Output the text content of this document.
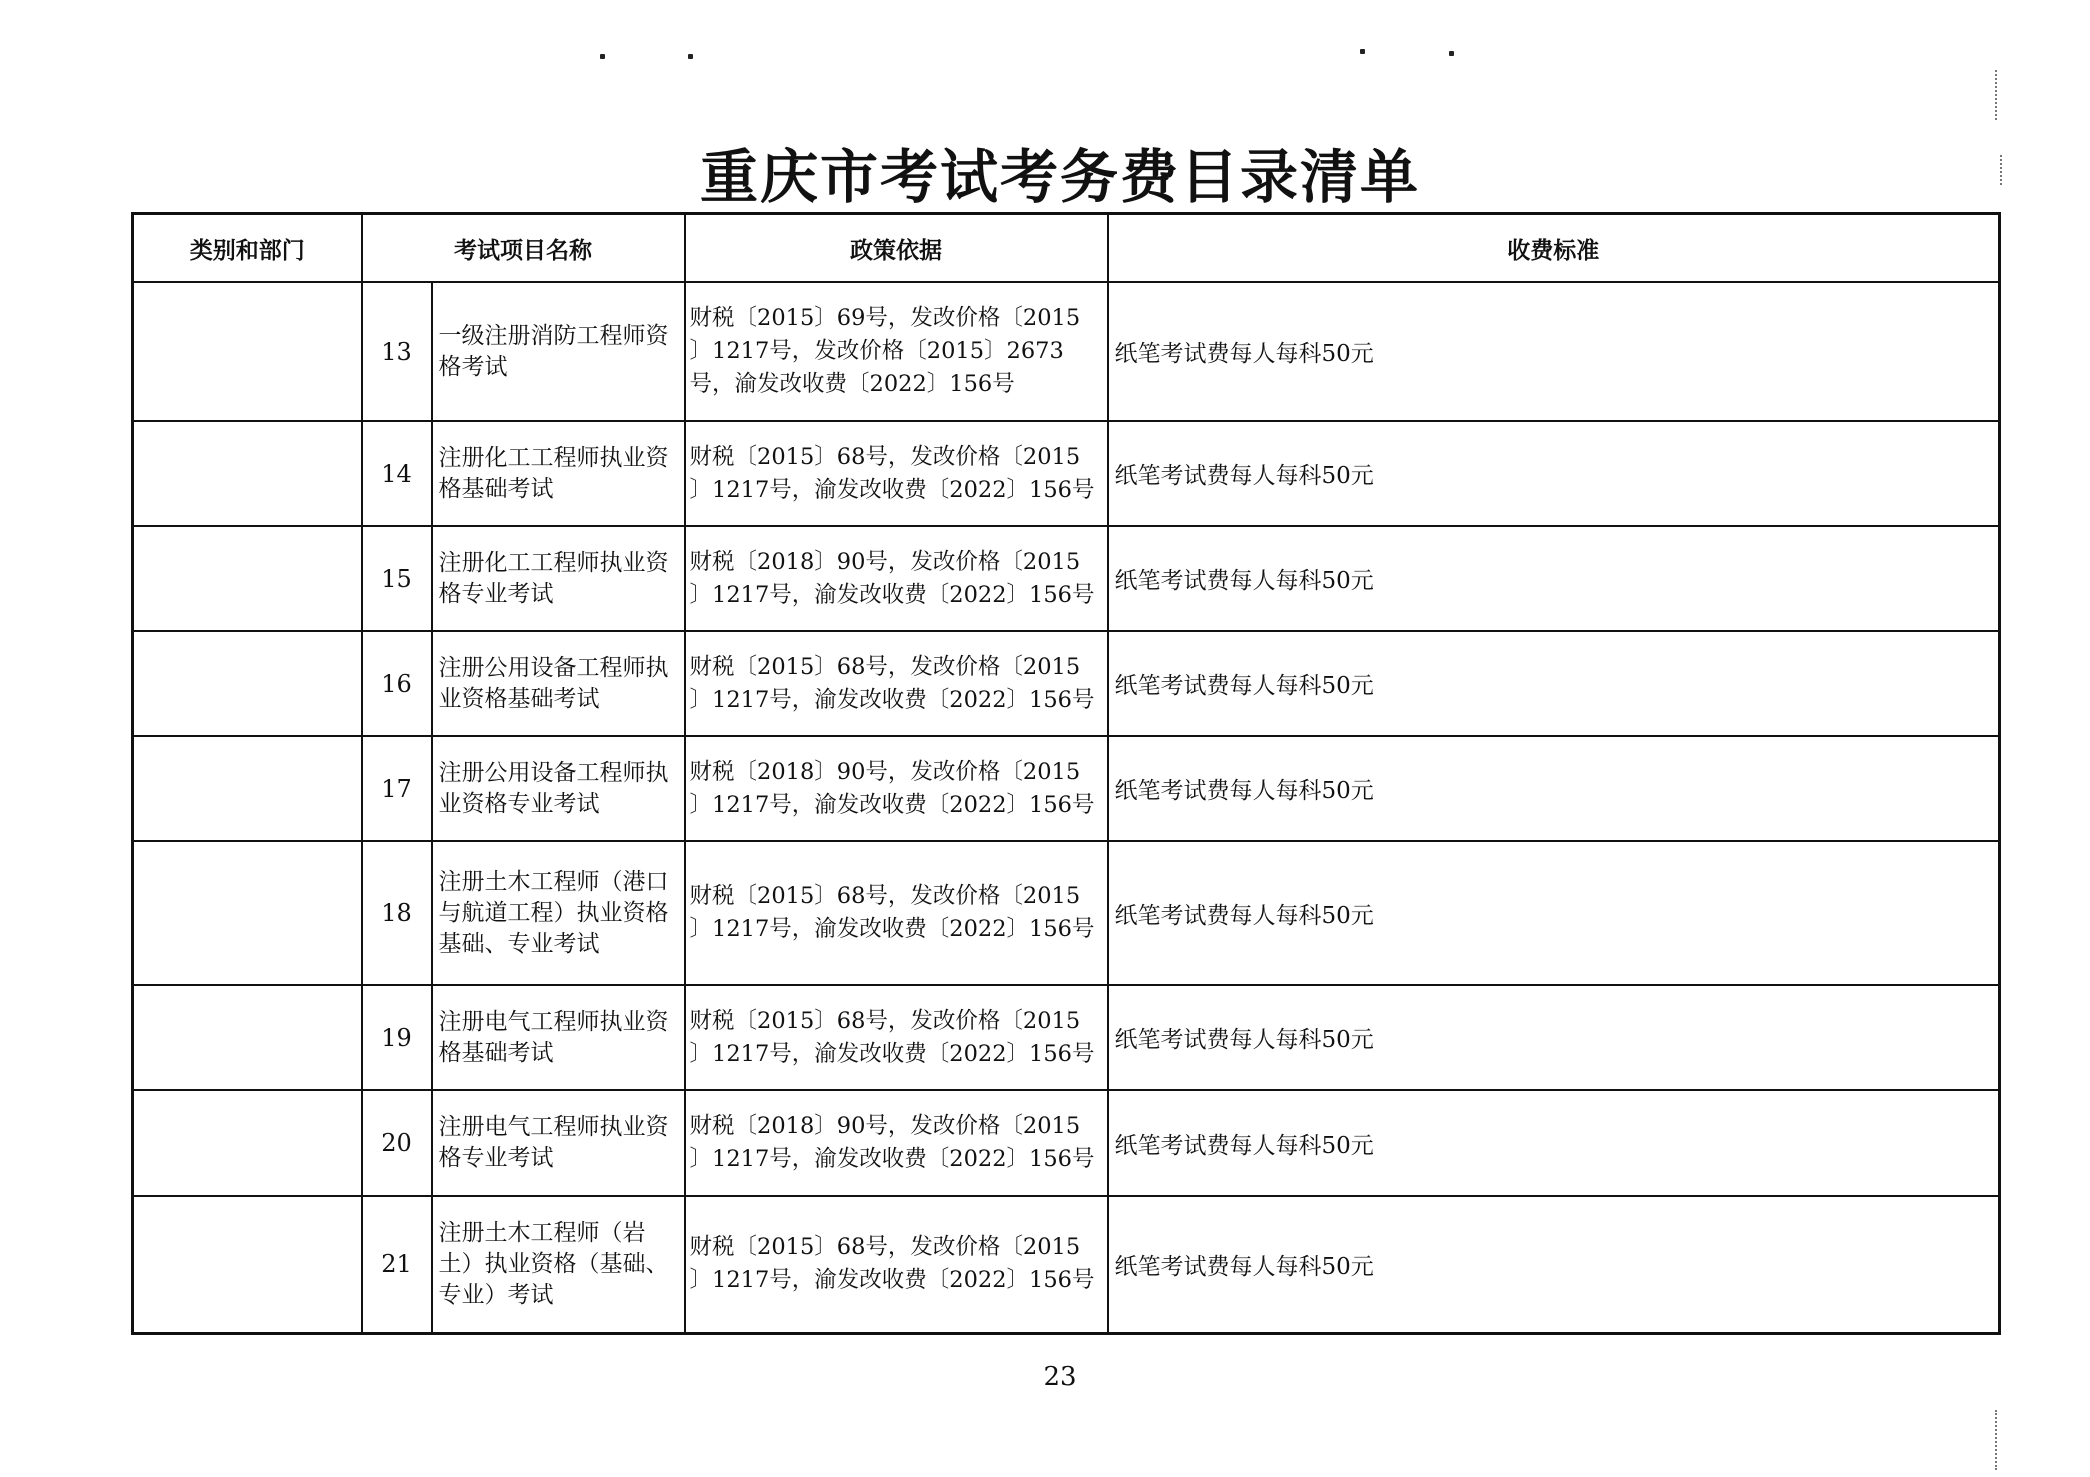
重庆市考试考务费目录清单
类别和部门	考试项目名称		政策依据	收费标准
	13	一级注册消防工程师资格考试	财税〔2015〕69号，发改价格〔2015
〕1217号，发改价格〔2015〕2673
号，渝发改收费〔2022〕156号	纸笔考试费每人每科50元
	14	注册化工工程师执业资格基础考试	财税〔2015〕68号，发改价格〔2015
〕1217号，渝发改收费〔2022〕156号	纸笔考试费每人每科50元
	15	注册化工工程师执业资格专业考试	财税〔2018〕90号，发改价格〔2015
〕1217号，渝发改收费〔2022〕156号	纸笔考试费每人每科50元
	16	注册公用设备工程师执业资格基础考试	财税〔2015〕68号，发改价格〔2015
〕1217号，渝发改收费〔2022〕156号	纸笔考试费每人每科50元
	17	注册公用设备工程师执业资格专业考试	财税〔2018〕90号，发改价格〔2015
〕1217号，渝发改收费〔2022〕156号	纸笔考试费每人每科50元
	18	注册土木工程师（港口与航道工程）执业资格基础、专业考试	财税〔2015〕68号，发改价格〔2015
〕1217号，渝发改收费〔2022〕156号	纸笔考试费每人每科50元
	19	注册电气工程师执业资格基础考试	财税〔2015〕68号，发改价格〔2015
〕1217号，渝发改收费〔2022〕156号	纸笔考试费每人每科50元
	20	注册电气工程师执业资格专业考试	财税〔2018〕90号，发改价格〔2015
〕1217号，渝发改收费〔2022〕156号	纸笔考试费每人每科50元
	21	注册土木工程师（岩土）执业资格（基础、专业）考试	财税〔2015〕68号，发改价格〔2015
〕1217号，渝发改收费〔2022〕156号	纸笔考试费每人每科50元
23
